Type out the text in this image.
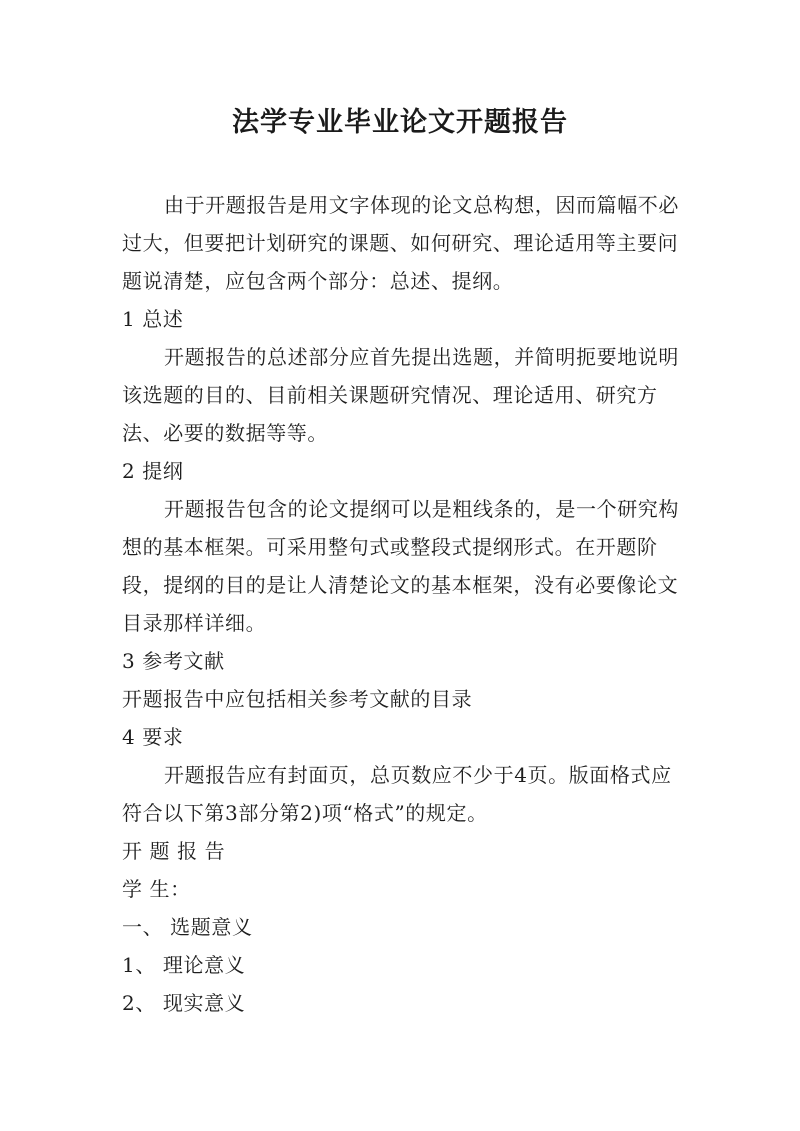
法学专业毕业论文开题报告

由于开题报告是用文字体现的论文总构想，因而篇幅不必过大，但要把计划研究的课题、如何研究、理论适用等主要问题说清楚，应包含两个部分：总述、提纲。

1 总述

开题报告的总述部分应首先提出选题，并简明扼要地说明该选题的目的、目前相关课题研究情况、理论适用、研究方法、必要的数据等等。

2 提纲

开题报告包含的论文提纲可以是粗线条的，是一个研究构想的基本框架。可采用整句式或整段式提纲形式。在开题阶段，提纲的目的是让人清楚论文的基本框架，没有必要像论文目录那样详细。

3 参考文献

开题报告中应包括相关参考文献的目录

4 要求

开题报告应有封面页，总页数应不少于4页。版面格式应符合以下第3部分第2)项“格式”的规定。

开 题 报 告

学 生：

一、 选题意义

1、 理论意义

2、 现实意义
